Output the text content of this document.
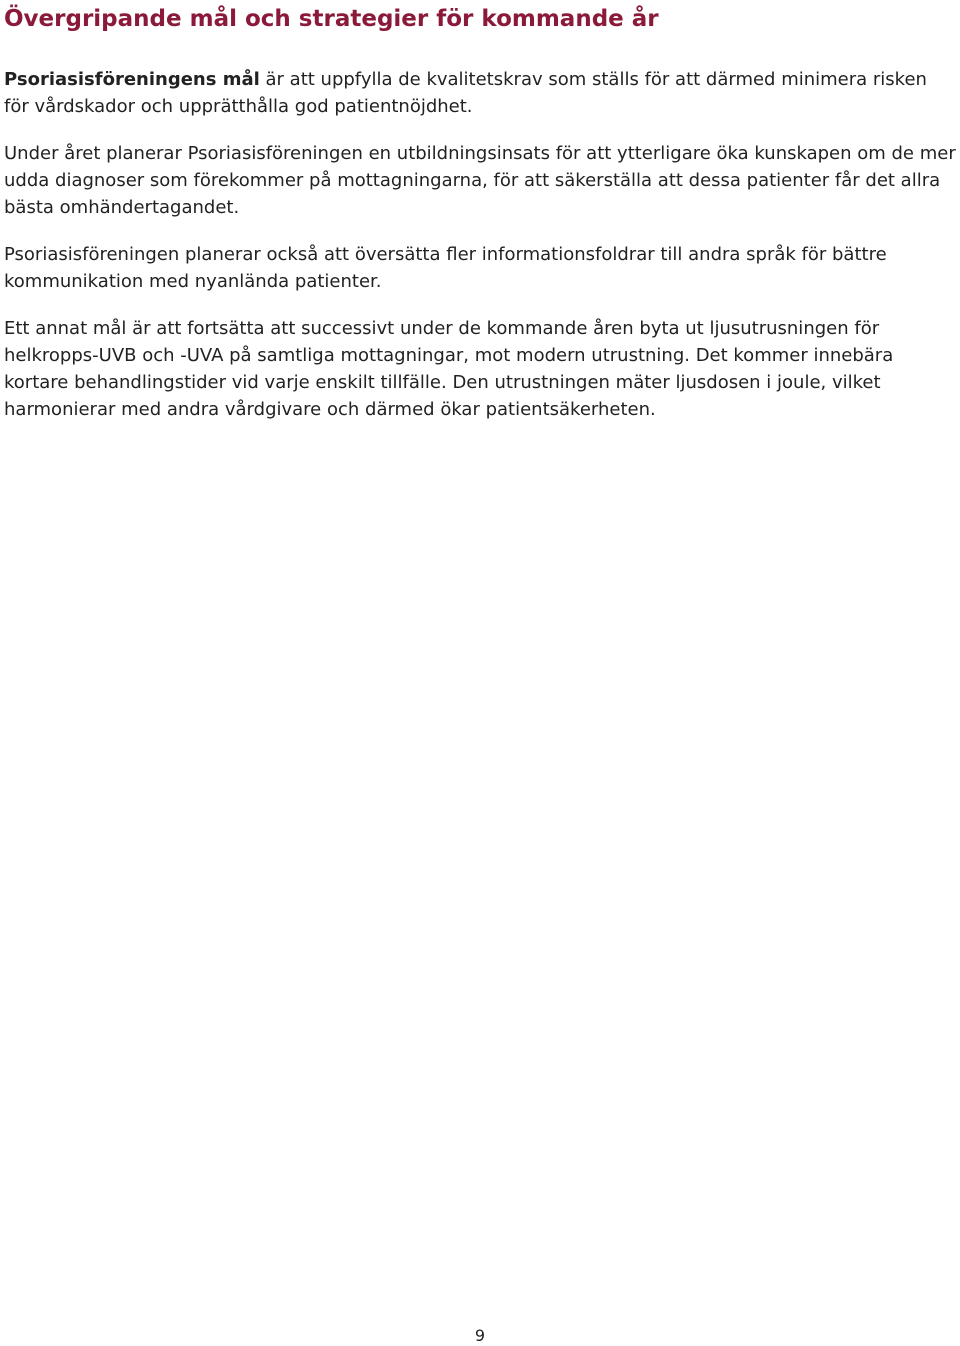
Övergripande mål och strategier för kommande år

Psoriasisföreningens mål är att uppfylla de kvalitetskrav som ställs för att därmed minimera risken för vårdskador och upprätthålla god patientnöjdhet.

Under året planerar Psoriasisföreningen en utbildningsinsats för att ytterligare öka kunskapen om de mer udda diagnoser som förekommer på mottagningarna, för att säkerställa att dessa patienter får det allra bästa omhändertagandet.

Psoriasisföreningen planerar också att översätta fler informationsfoldrar till andra språk för bättre kommunikation med nyanlända patienter.

Ett annat mål är att fortsätta att successivt under de kommande åren byta ut ljusutrusningen för helkropps-UVB och -UVA på samtliga mottagningar, mot modern utrustning. Det kommer innebära kortare behandlingstider vid varje enskilt tillfälle. Den utrustningen mäter ljusdosen i joule, vilket harmonierar med andra vårdgivare och därmed ökar patientsäkerheten.

9
